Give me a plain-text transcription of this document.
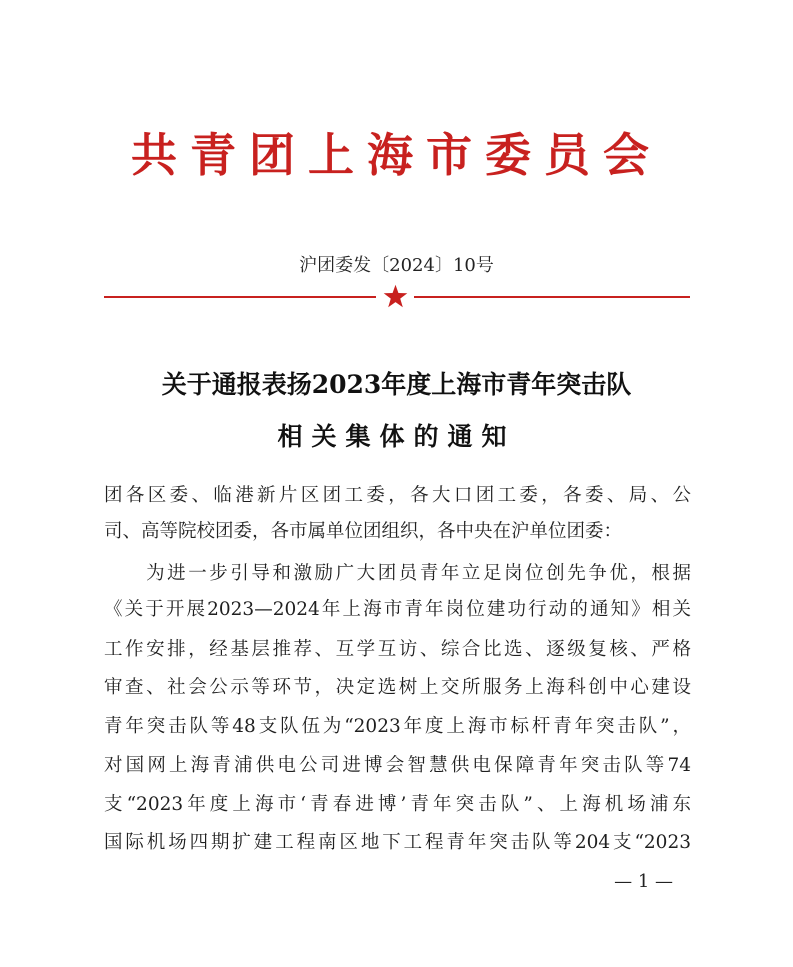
共青团上海市委员会
沪团委发〔2024〕10号
关于通报表扬2023年度上海市青年突击队
相关集体的通知
团各区委、临港新片区团工委，各大口团工委，各委、局、公
司、高等院校团委，各市属单位团组织，各中央在沪单位团委：
　　为进一步引导和激励广大团员青年立足岗位创先争优，根据
《关于开展2023—2024年上海市青年岗位建功行动的通知》相关
工作安排，经基层推荐、互学互访、综合比选、逐级复核、严格
审查、社会公示等环节，决定选树上交所服务上海科创中心建设
青年突击队等48支队伍为“2023年度上海市标杆青年突击队”，
对国网上海青浦供电公司进博会智慧供电保障青年突击队等74
支“2023年度上海市‘青春进博’青年突击队”、上海机场浦东
国际机场四期扩建工程南区地下工程青年突击队等204支“2023
— 1 —
